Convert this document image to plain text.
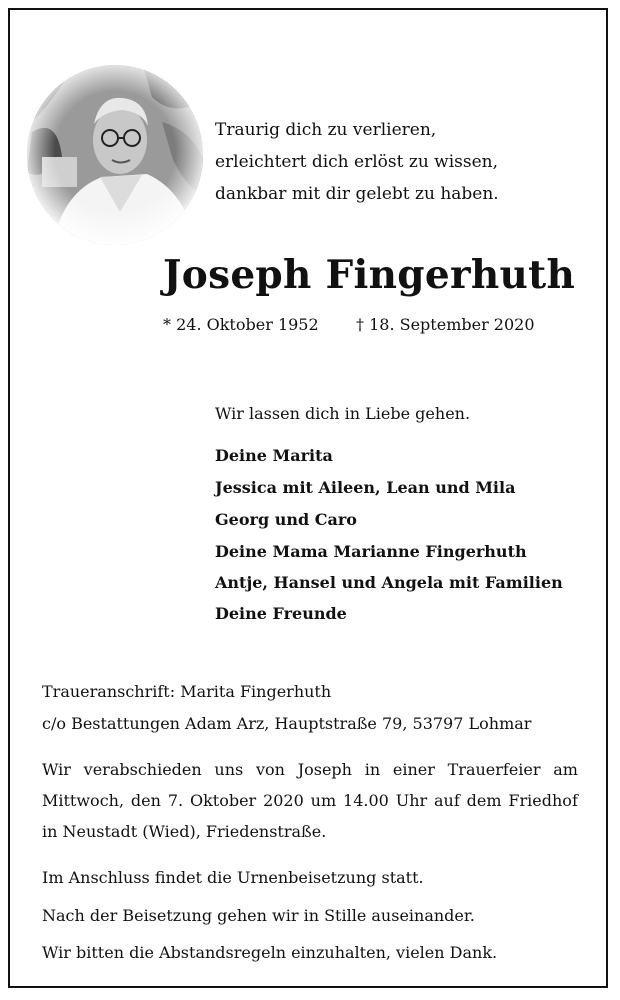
Traurig dich zu verlieren,
erleichtert dich erlöst zu wissen,
dankbar mit dir gelebt zu haben.
Joseph Fingerhuth
* 24. Oktober 1952 † 18. September 2020
Wir lassen dich in Liebe gehen.
Deine Marita
Jessica mit Aileen, Lean und Mila
Georg und Caro
Deine Mama Marianne Fingerhuth
Antje, Hansel und Angela mit Familien
Deine Freunde
Traueranschrift: Marita Fingerhuth
c/o Bestattungen Adam Arz, Hauptstraße 79, 53797 Lohmar
Wir verabschieden uns von Joseph in einer Trauerfeier am
Mittwoch, den 7. Oktober 2020 um 14.00 Uhr auf dem Friedhof
in Neustadt (Wied), Friedenstraße.
Im Anschluss findet die Urnenbeisetzung statt.
Nach der Beisetzung gehen wir in Stille auseinander.
Wir bitten die Abstandsregeln einzuhalten, vielen Dank.
